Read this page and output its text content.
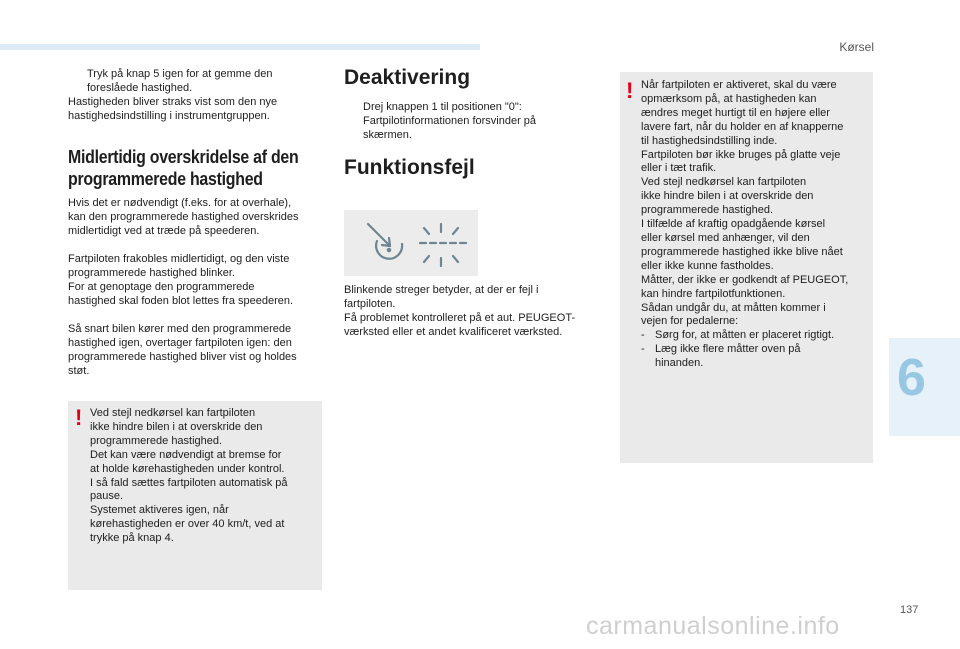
Kørsel
6
carmanualsonline.info
137

Tryk på knap 5 igen for at gemme den

foreslåede hastighed.

Hastigheden bliver straks vist som den nye

hastighedsindstilling i instrumentgruppen.

Midlertidig overskridelse af den
programmerede hastighed

Hvis det er nødvendigt (f.eks. for at overhale),

kan den programmerede hastighed overskrides

midlertidigt ved at træde på speederen.

Fartpiloten frakobles midlertidigt, og den viste

programmerede hastighed blinker.

For at genoptage den programmerede

hastighed skal foden blot lettes fra speederen.

Så snart bilen kører med den programmerede

hastighed igen, overtager fartpiloten igen: den

programmerede hastighed bliver vist og holdes

støt.

! Ved stejl nedkørsel kan fartpiloten
ikke hindre bilen i at overskride den
programmerede hastighed.
Det kan være nødvendigt at bremse for
at holde kørehastigheden under kontrol.
I så fald sættes fartpiloten automatisk på
pause.
Systemet aktiveres igen, når
kørehastigheden er over 40 km/t, ved at
trykke på knap 4.
Deaktivering

Drej knappen 1 til positionen "0":

Fartpilotinformationen forsvinder på

skærmen.

Funktionsfejl

Blinkende streger betyder, at der er fejl i

fartpiloten.

Få problemet kontrolleret på et aut. PEUGEOT-

værksted eller et andet kvalificeret værksted.

! Når fartpiloten er aktiveret, skal du være
opmærksom på, at hastigheden kan
ændres meget hurtigt til en højere eller
lavere fart, når du holder en af knapperne
til hastighedsindstilling inde.
Fartpiloten bør ikke bruges på glatte veje
eller i tæt trafik.
Ved stejl nedkørsel kan fartpiloten
ikke hindre bilen i at overskride den
programmerede hastighed.
I tilfælde af kraftig opadgående kørsel
eller kørsel med anhænger, vil den
programmerede hastighed ikke blive nået
eller ikke kunne fastholdes.
Måtter, der ikke er godkendt af PEUGEOT,
kan hindre fartpilotfunktionen.
Sådan undgår du, at måtten kommer i
vejen for pedalerne:
- Sørg for, at måtten er placeret rigtigt.
- Læg ikke flere måtter oven på
hinanden.
